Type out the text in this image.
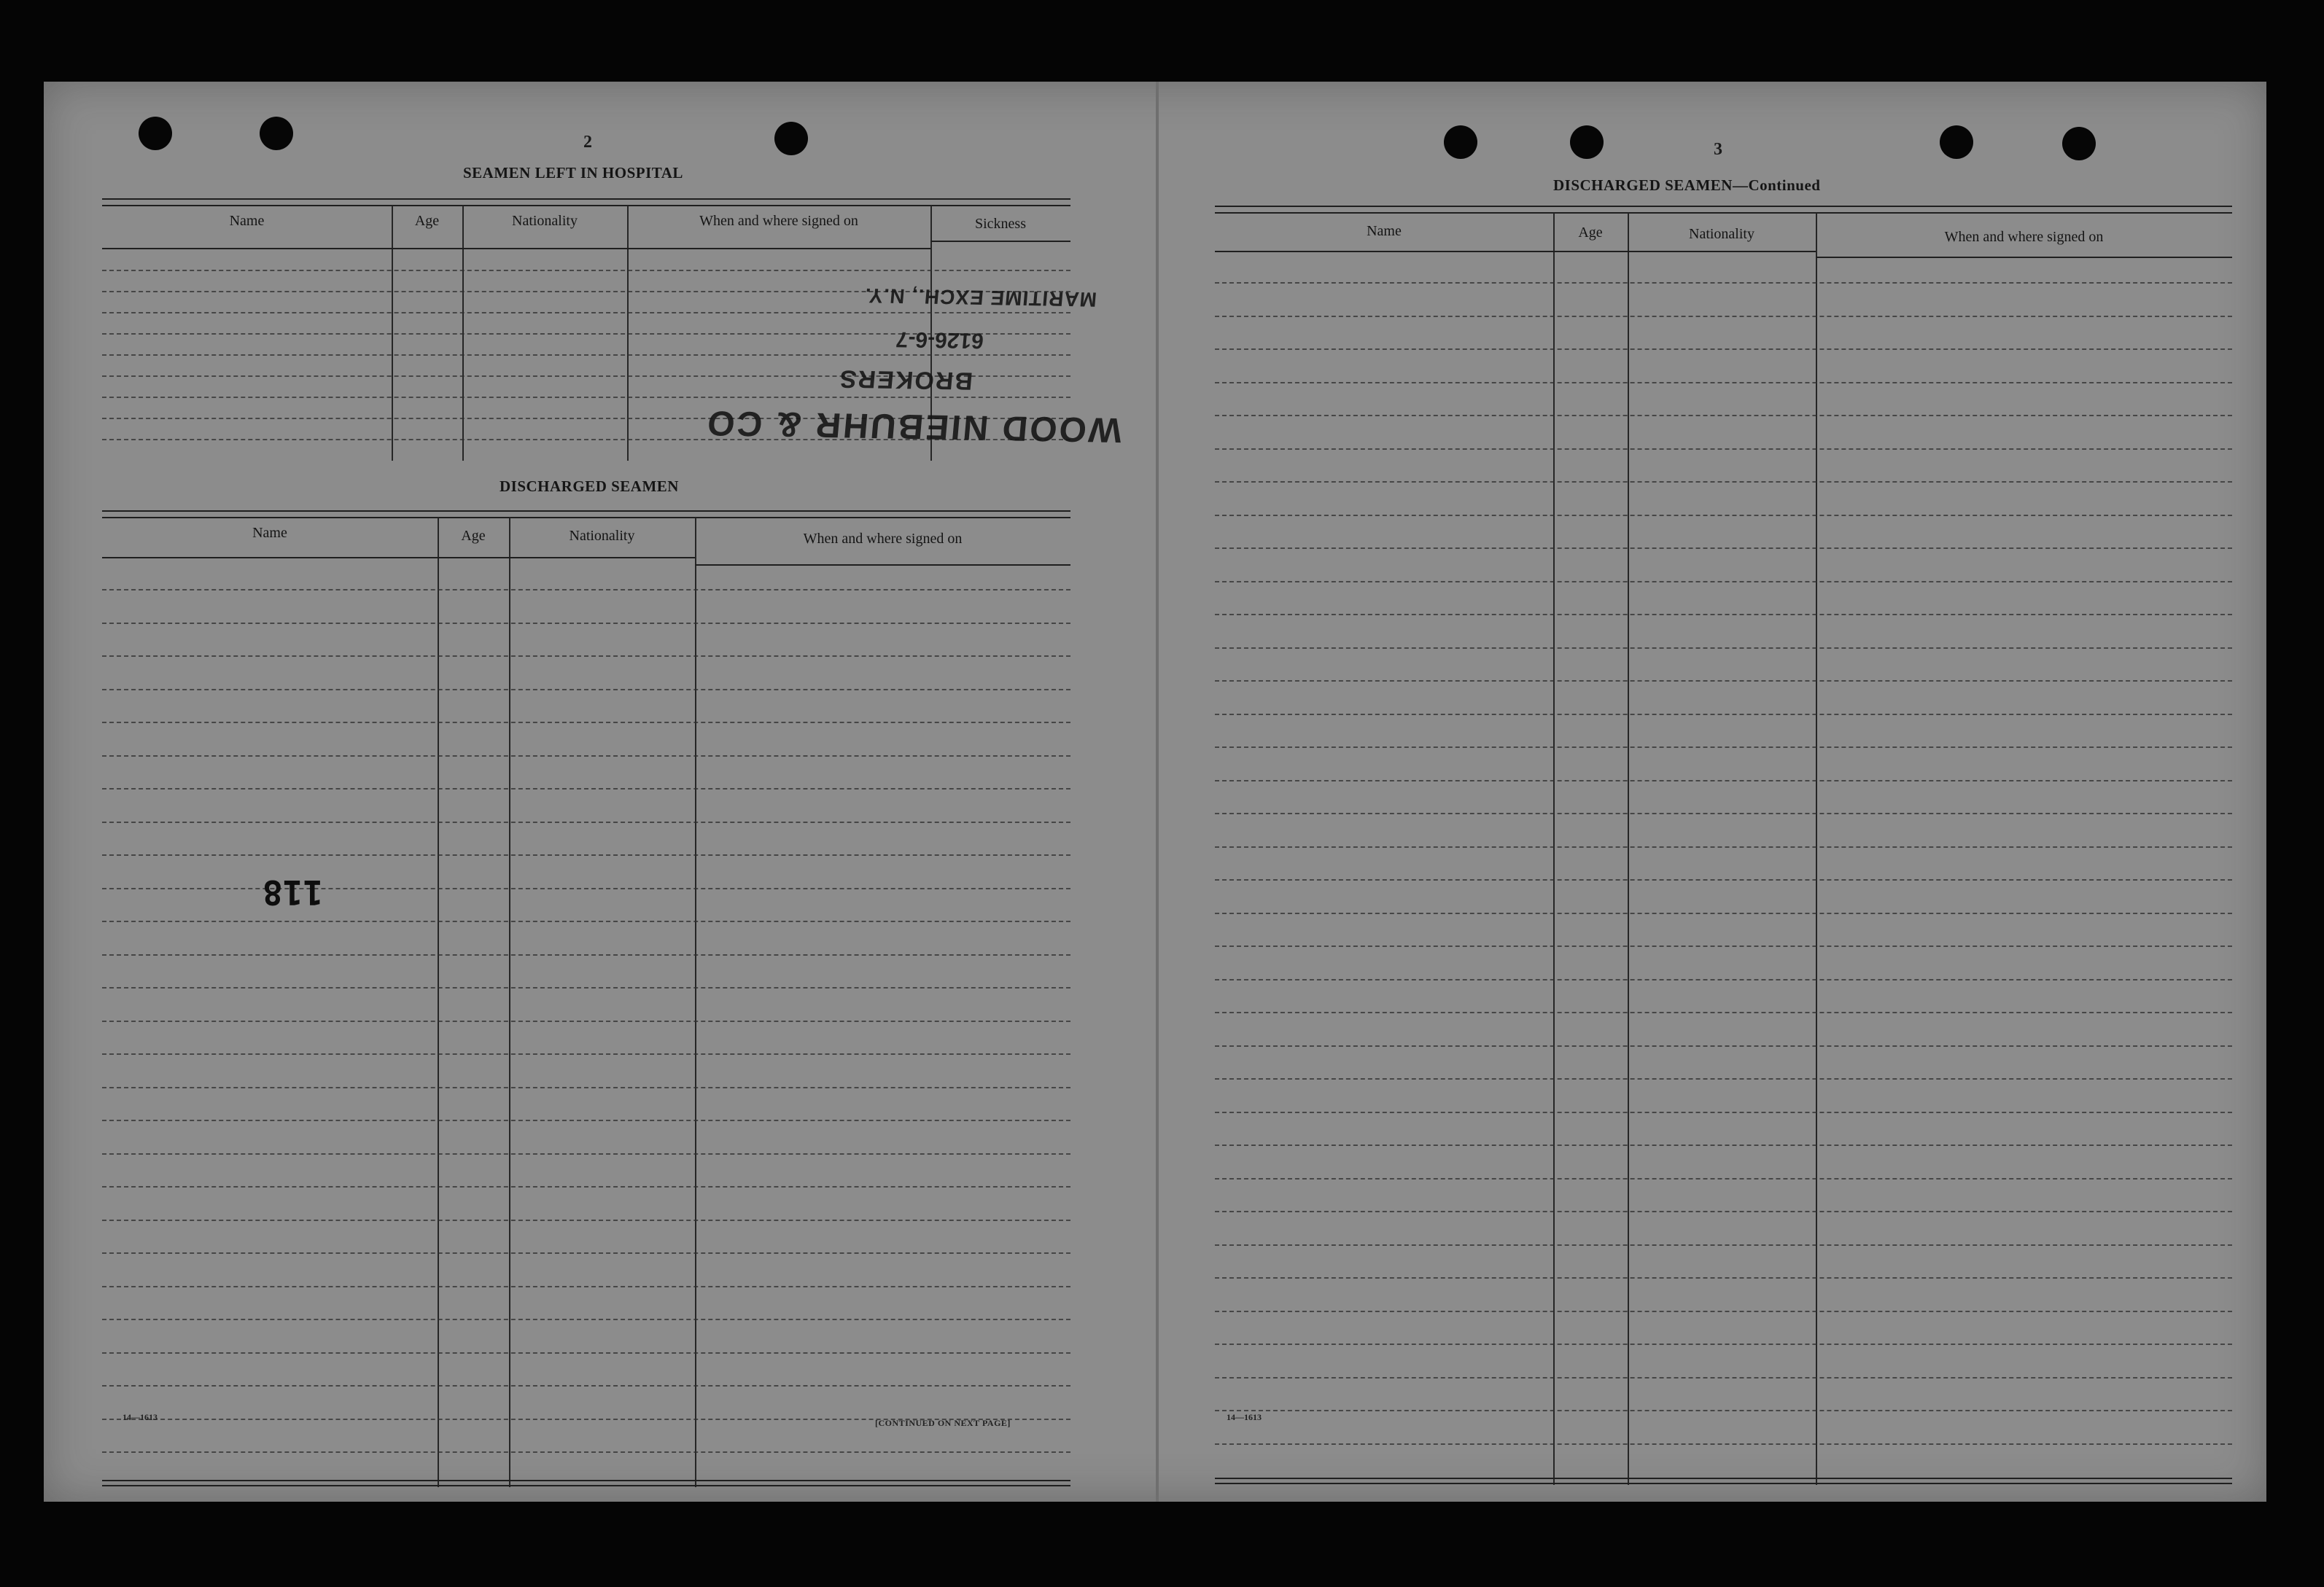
2
SEAMEN LEFT IN HOSPITAL
Name	Age	Nationality	When and where signed on	Sickness
DISCHARGED SEAMEN
Name	Age	Nationality	When and where signed on
14—1613
[CONTINUED ON NEXT PAGE]
3
DISCHARGED SEAMEN—Continued
Name	Age	Nationality	When and where signed on
14—1613
WOOD NIEBUHR & CO
BROKERS
6126-6-7
MARITIME EXCH., N.Y.
118
